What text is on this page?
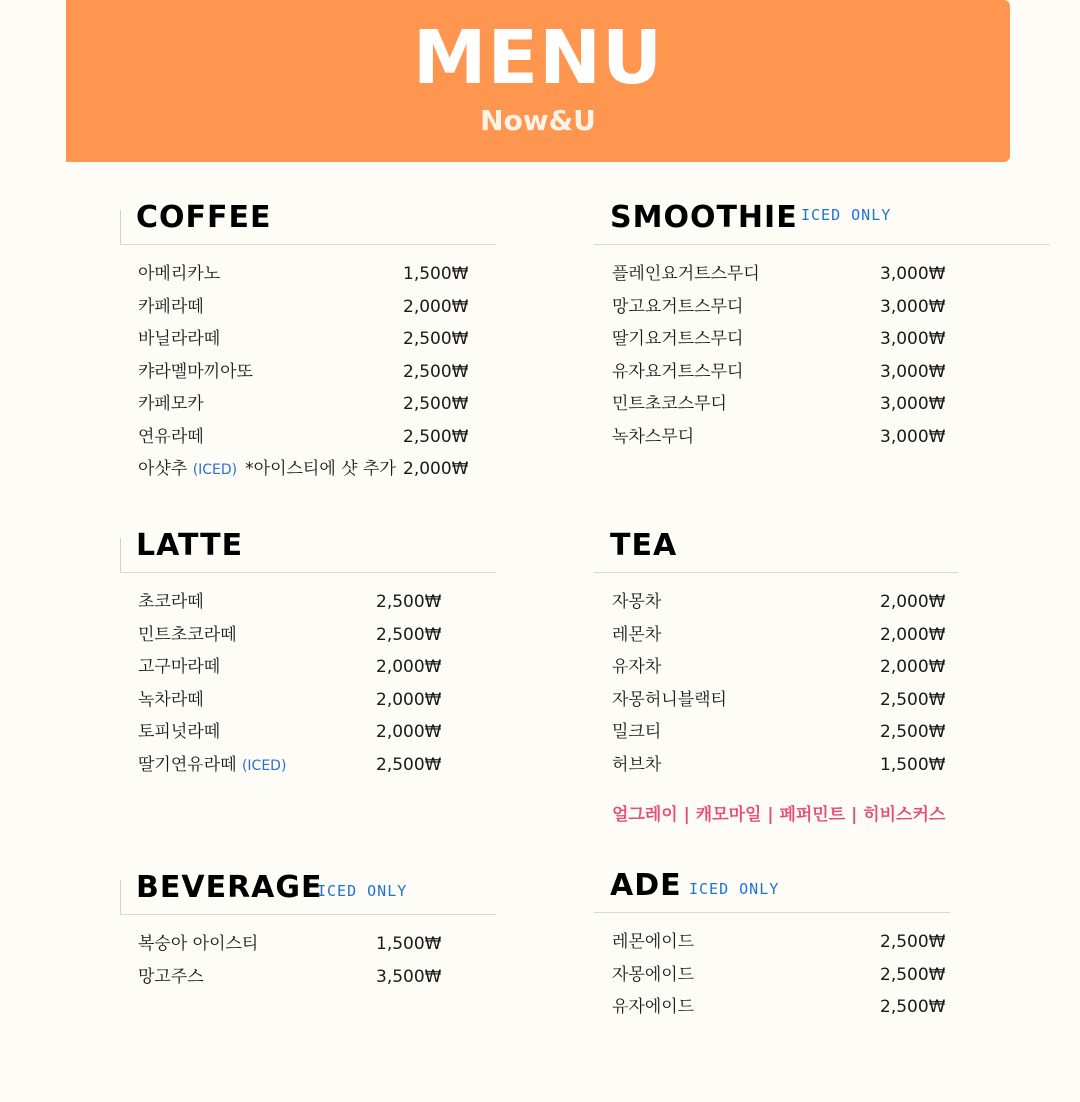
MENU
Now&U
COFFEE
아메리카노	1,500₩
카페라떼	2,000₩
바닐라라떼	2,500₩
캬라멜마끼아또	2,500₩
카페모카	2,500₩
연유라떼	2,500₩
아샷추 (ICED) *아이스티에 샷 추가 2,000₩
SMOOTHIE ICED ONLY
플레인요거트스무디	3,000₩
망고요거트스무디	3,000₩
딸기요거트스무디	3,000₩
유자요거트스무디	3,000₩
민트초코스무디	3,000₩
녹차스무디	3,000₩
LATTE
초코라떼	2,500₩
민트초코라떼	2,500₩
고구마라떼	2,000₩
녹차라떼	2,000₩
토피넛라떼	2,000₩
딸기연유라떼 (ICED)	2,500₩
TEA
자몽차	2,000₩
레몬차	2,000₩
유자차	2,000₩
자몽허니블랙티	2,500₩
밀크티	2,500₩
허브차	1,500₩
얼그레이 | 캐모마일 | 페퍼민트 | 히비스커스
BEVERAGE
ICED ONLY
복숭아 아이스티	1,500₩
망고주스	3,500₩
ADE ICED ONLY
레몬에이드	2,500₩
자몽에이드	2,500₩
유자에이드	2,500₩
